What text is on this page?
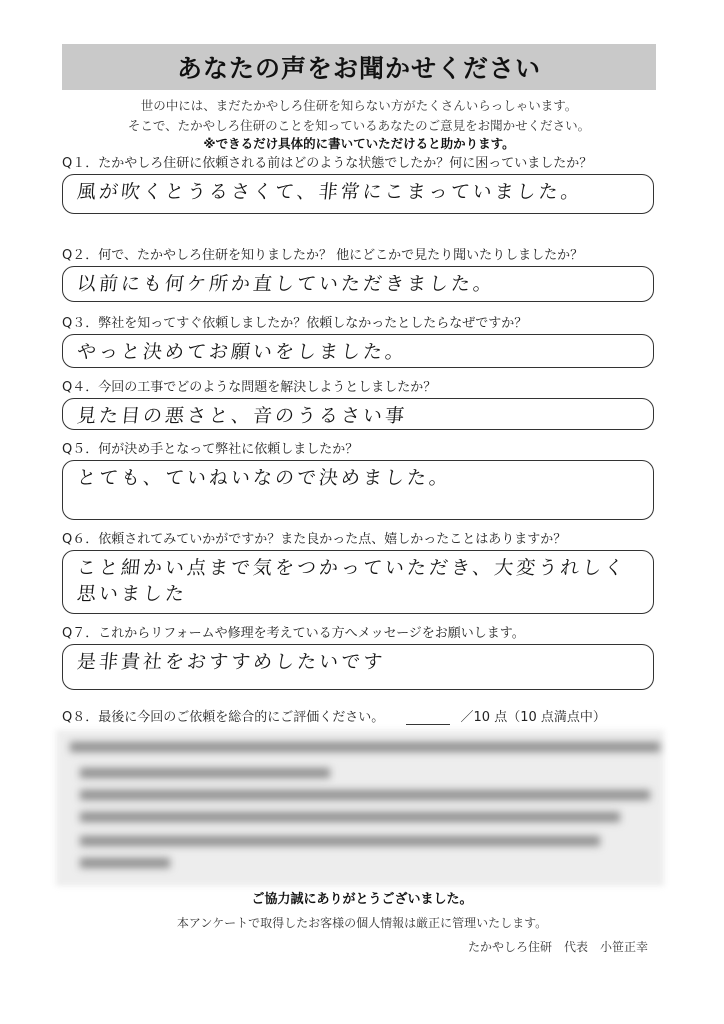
あなたの声をお聞かせください
世の中には、まだたかやしろ住研を知らない方がたくさんいらっしゃいます。
そこで、たかやしろ住研のことを知っているあなたのご意見をお聞かせください。
※できるだけ具体的に書いていただけると助かります。
Q１．たかやしろ住研に依頼される前はどのような状態でしたか？何に困っていましたか？
風が吹くとうるさくて、非常にこまっていました。
Q２．何で、たかやしろ住研を知りましたか？ 他にどこかで見たり聞いたりしましたか？
以前にも何ケ所か直していただきました。
Q３．弊社を知ってすぐ依頼しましたか？依頼しなかったとしたらなぜですか？
やっと決めてお願いをしました。
Q４．今回の工事でどのような問題を解決しようとしましたか？
見た目の悪さと、音のうるさい事
Q５．何が決め手となって弊社に依頼しましたか？
とても、ていねいなので決めました。
Q６．依頼されてみていかがですか？また良かった点、嬉しかったことはありますか？
こと細かい点まで気をつかっていただき、大変うれしく
思いました
Q７．これからリフォームや修理を考えている方へメッセージをお願いします。
是非貴社をおすすめしたいです
Q８．最後に今回のご依頼を総合的にご評価ください。	／10 点（10 点満点中）
ご協力誠にありがとうございました。
本アンケートで取得したお客様の個人情報は厳正に管理いたします。
たかやしろ住研　代表　小笹正幸
